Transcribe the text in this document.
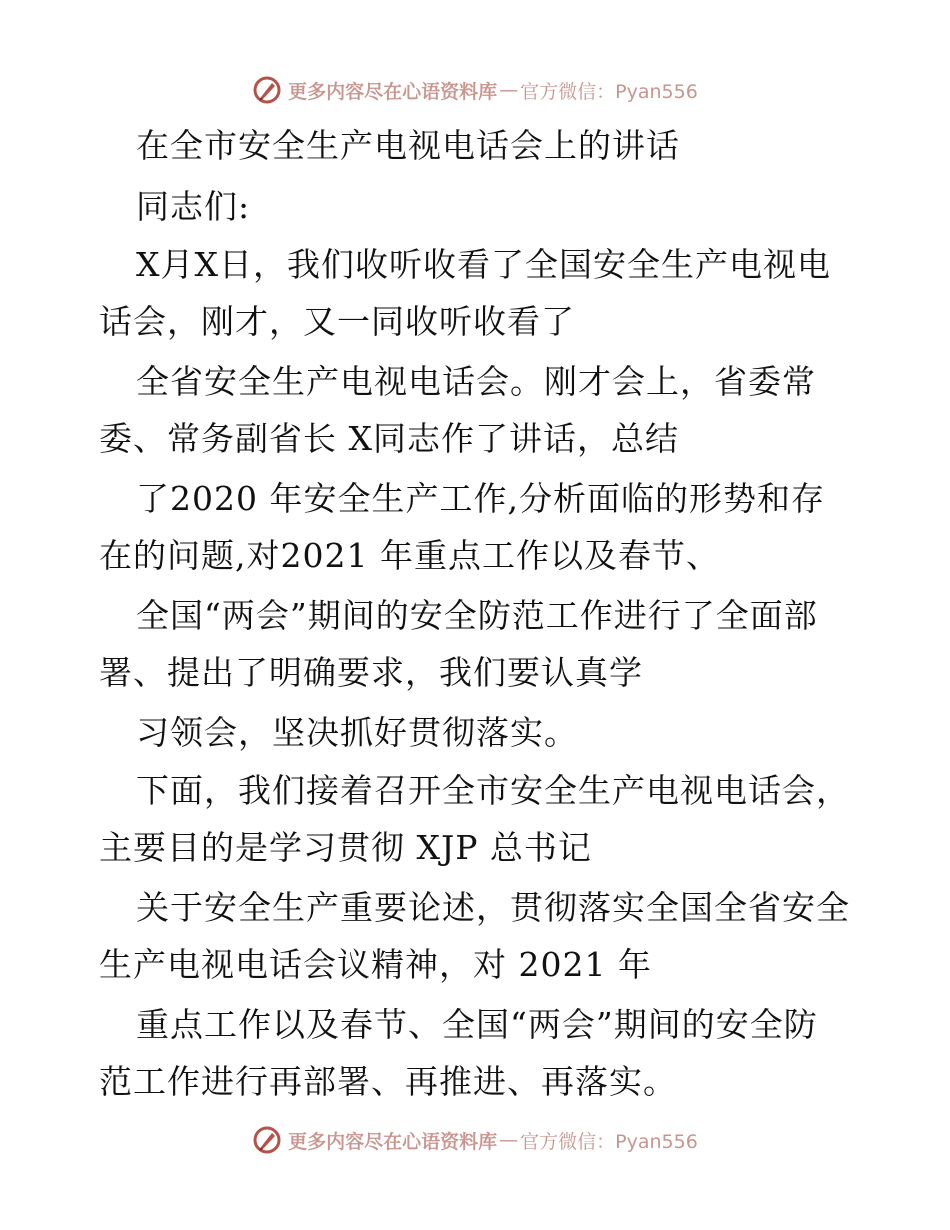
更多内容尽在心语资料库 — 官方微信：Pyan556
在全市安全生产电视电话会上的讲话
同志们:
X月X日，我们收听收看了全国安全生产电视电
话会，刚才，又一同收听收看了
全省安全生产电视电话会。刚才会上，省委常
委、常务副省长 X同志作了讲话，总结
了2020 年安全生产工作,分析面临的形势和存
在的问题,对2021 年重点工作以及春节、
全国“两会”期间的安全防范工作进行了全面部
署、提出了明确要求，我们要认真学
习领会，坚决抓好贯彻落实。
下面，我们接着召开全市安全生产电视电话会，
主要目的是学习贯彻 XJP 总书记
关于安全生产重要论述，贯彻落实全国全省安全
生产电视电话会议精神，对 2021 年
重点工作以及春节、全国“两会”期间的安全防
范工作进行再部署、再推进、再落实。
更多内容尽在心语资料库 — 官方微信：Pyan556
